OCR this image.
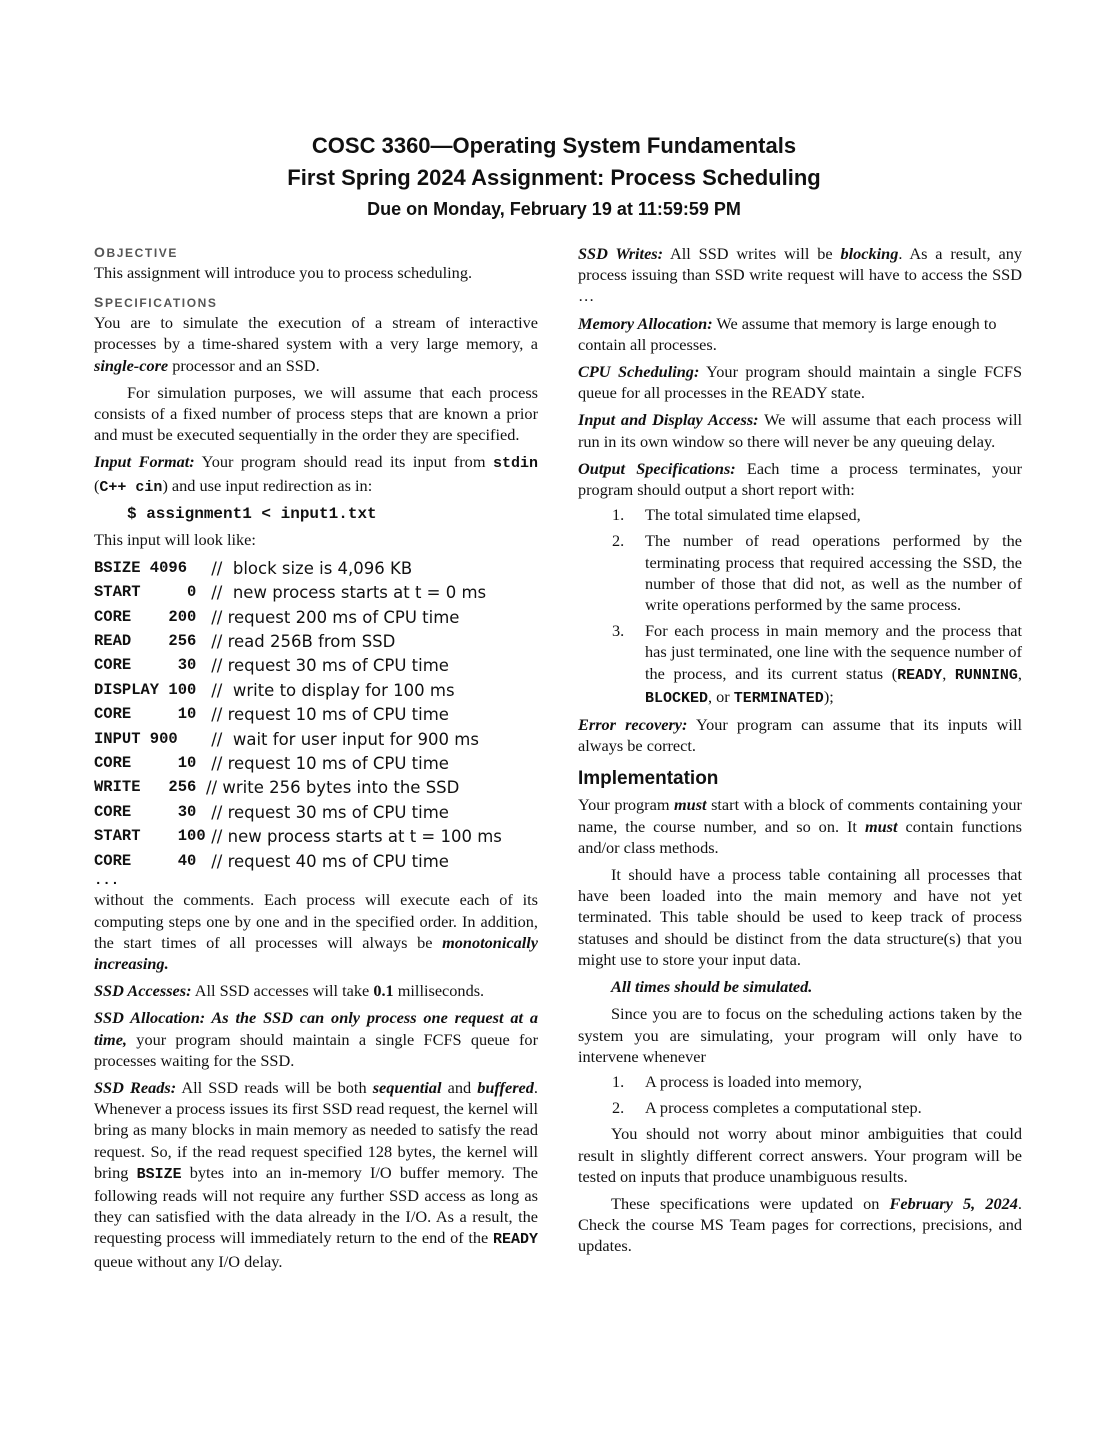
COSC 3360—Operating System Fundamentals
First Spring 2024 Assignment: Process Scheduling
Due on Monday, February 19 at 11:59:59 PM
OBJECTIVE

This assignment will introduce you to process scheduling.

SPECIFICATIONS

You are to simulate the execution of a stream of interactive processes by a time-shared system with a very large memory, a single-core processor and an SSD.

For simulation purposes, we will assume that each process consists of a fixed number of process steps that are known a prior and must be executed sequentially in the order they are specified.

Input Format: Your program should read its input from stdin (C++ cin) and use input redirection as in:

$ assignment1 < input1.txt

This input will look like:

BSIZE 4096	//  block size is 4,096 KB
START     0 //  new process starts at t = 0 ms
CORE    200 // request 200 ms of CPU time
READ    256 // read 256B from SSD
CORE     30 // request 30 ms of CPU time
DISPLAY 100 //  write to display for 100 ms
CORE     10 // request 10 ms of CPU time
INPUT 900	//  wait for user input for 900 ms
CORE     10 // request 10 ms of CPU time
WRITE   256 // write 256 bytes into the SSD
CORE     30 // request 30 ms of CPU time
START    100 // new process starts at t = 100 ms
CORE     40 // request 40 ms of CPU time
...

without the comments. Each process will execute each of its computing steps one by one and in the specified order. In addition, the start times of all processes will always be monotonically increasing.

SSD Accesses: All SSD accesses will take 0.1 milliseconds.

SSD Allocation: As the SSD can only process one request at a time, your program should maintain a single FCFS queue for processes waiting for the SSD.

SSD Reads: All SSD reads will be both sequential and buffered. Whenever a process issues its first SSD read request, the kernel will bring as many blocks in main memory as needed to satisfy the read request. So, if the read request specified 128 bytes, the kernel will bring BSIZE bytes into an in-memory I/O buffer memory. The following reads will not require any further SSD access as long as they can satisfied with the data already in the I/O. As a result, the requesting process will immediately return to the end of the READY queue without any I/O delay.

SSD Writes: All SSD writes will be blocking. As a result, any process issuing than SSD write request will have to access the SSD …

Memory Allocation: We assume that memory is large enough to contain all processes.

CPU Scheduling: Your program should maintain a single FCFS queue for all processes in the READY state.

Input and Display Access: We will assume that each process will run in its own window so there will never be any queuing delay.

Output Specifications: Each time a process terminates, your program should output a short report with:

1. The total simulated time elapsed,
2. The number of read operations performed by the terminating process that required accessing the SSD, the number of those that did not, as well as the number of write operations performed by the same process.
3. For each process in main memory and the process that has just terminated, one line with the sequence number of the process, and its current status (READY, RUNNING, BLOCKED, or TERMINATED);

Error recovery: Your program can assume that its inputs will always be correct.

Implementation

Your program must start with a block of comments containing your name, the course number, and so on. It must contain functions and/or class methods.

It should have a process table containing all processes that have been loaded into the main memory and have not yet terminated. This table should be used to keep track of process statuses and should be distinct from the data structure(s) that you might use to store your input data.

All times should be simulated.

Since you are to focus on the scheduling actions taken by the system you are simulating, your program will only have to intervene whenever

1. A process is loaded into memory,
2. A process completes a computational step.

You should not worry about minor ambiguities that could result in slightly different correct answers. Your program will be tested on inputs that produce unambiguous results.

These specifications were updated on February 5, 2024. Check the course MS Team pages for corrections, precisions, and updates.
